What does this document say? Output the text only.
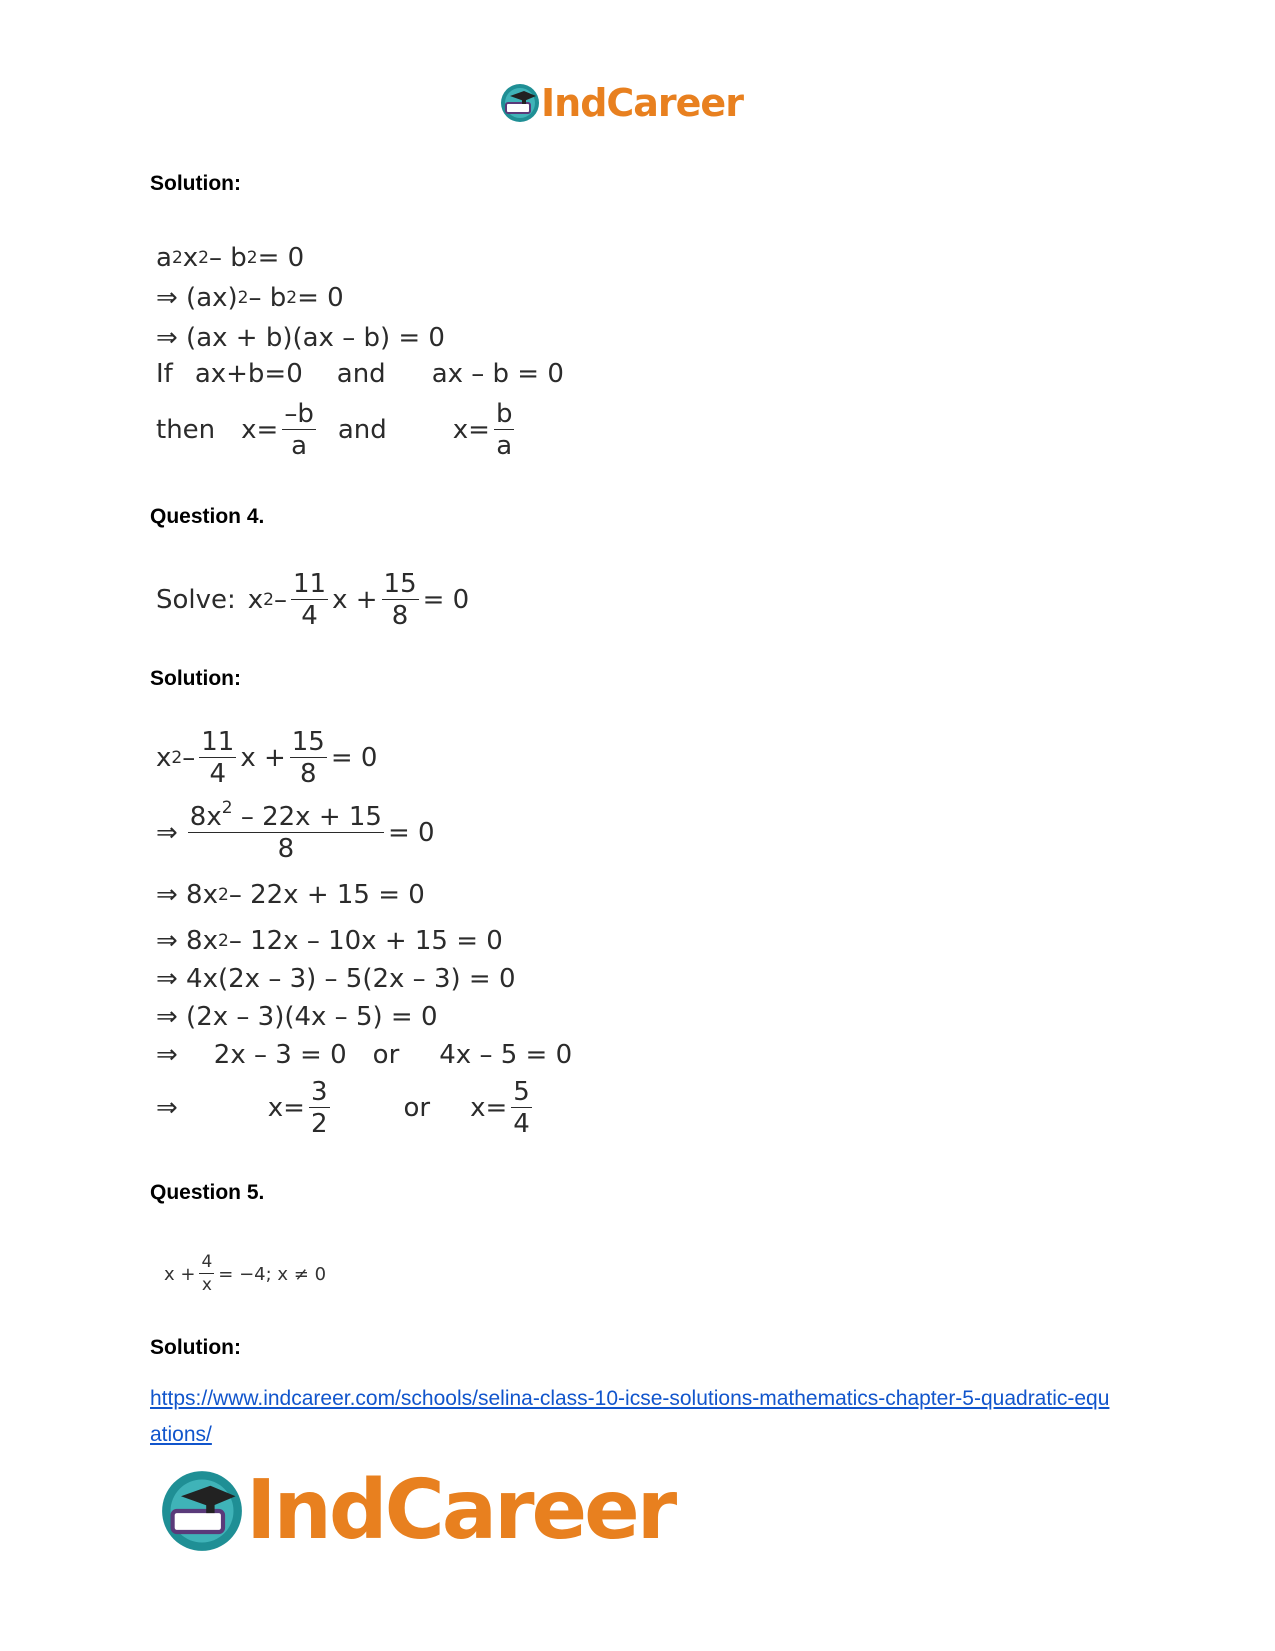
IndCareer
Solution:
a 2 x 2 – b 2 = 0
⇒ (ax) 2 – b 2 = 0
⇒ (ax + b)(ax – b) = 0
If ax+b=0 and ax – b = 0
then $x= \frac{-b}{a}$ and	$x= \frac{b}{a}$
Question 4.
Solve: x $2 - \frac{11}{4}$ $x + \frac{15}{8} = 0$
Solution:
x $2 - \frac{11}{4}$ $x + \frac{15}{8} = 0$
⇒ $\frac{8x^2 - 22x + 15}{8} = 0$
⇒ 8x 2 – 22x + 15 = 0
⇒ 8x 2 – 12x – 10x + 15 = 0
⇒ 4x(2x – 3) – 5(2x – 3) = 0
⇒ (2x – 3)(4x – 5) = 0
⇒ 2x – 3 = 0 or 4x – 5 = 0
⇒	$x= \frac{3}{2}$	or $x= \frac{5}{4}$
Question 5.
$x + \frac{4}{x} = -4$; x ≠ 0
Solution:
https://www.indcareer.com/schools/selina-class-10-icse-solutions-mathematics-chapter-5-quadratic-equations/
IndCareer
